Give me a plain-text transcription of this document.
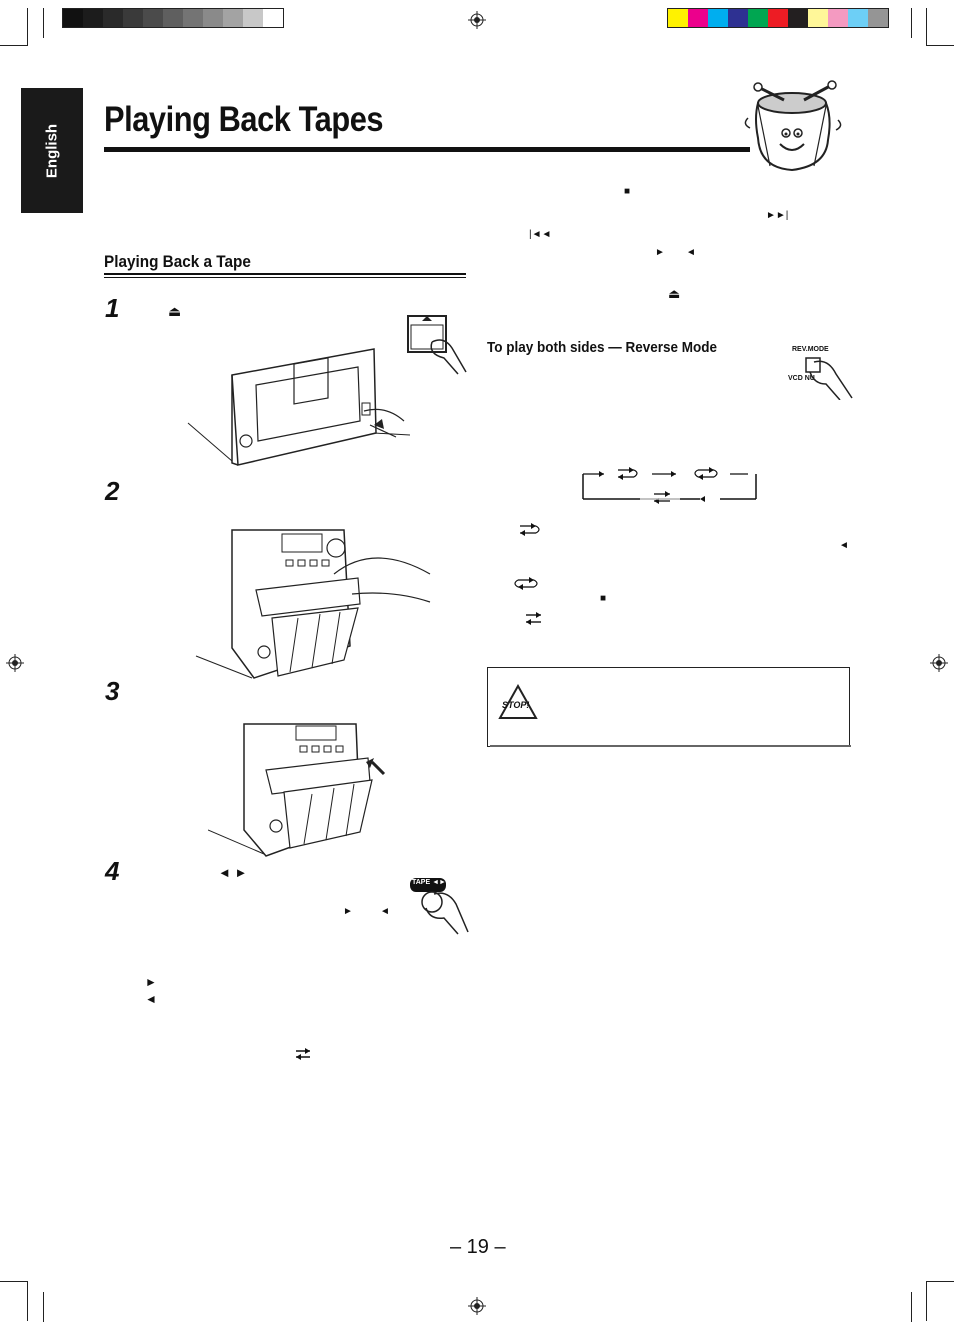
English
Playing Back Tapes
Playing Back a Tape
1
2
3
4
⏏
◄ ►
►	◄
►
◄
TAPE ◄►
■
►►|
|◄◄
► ◄
⏏
To play both sides — Reverse Mode	REV.MODE
VCD NU
◄
■
STOP!
– 19 –
